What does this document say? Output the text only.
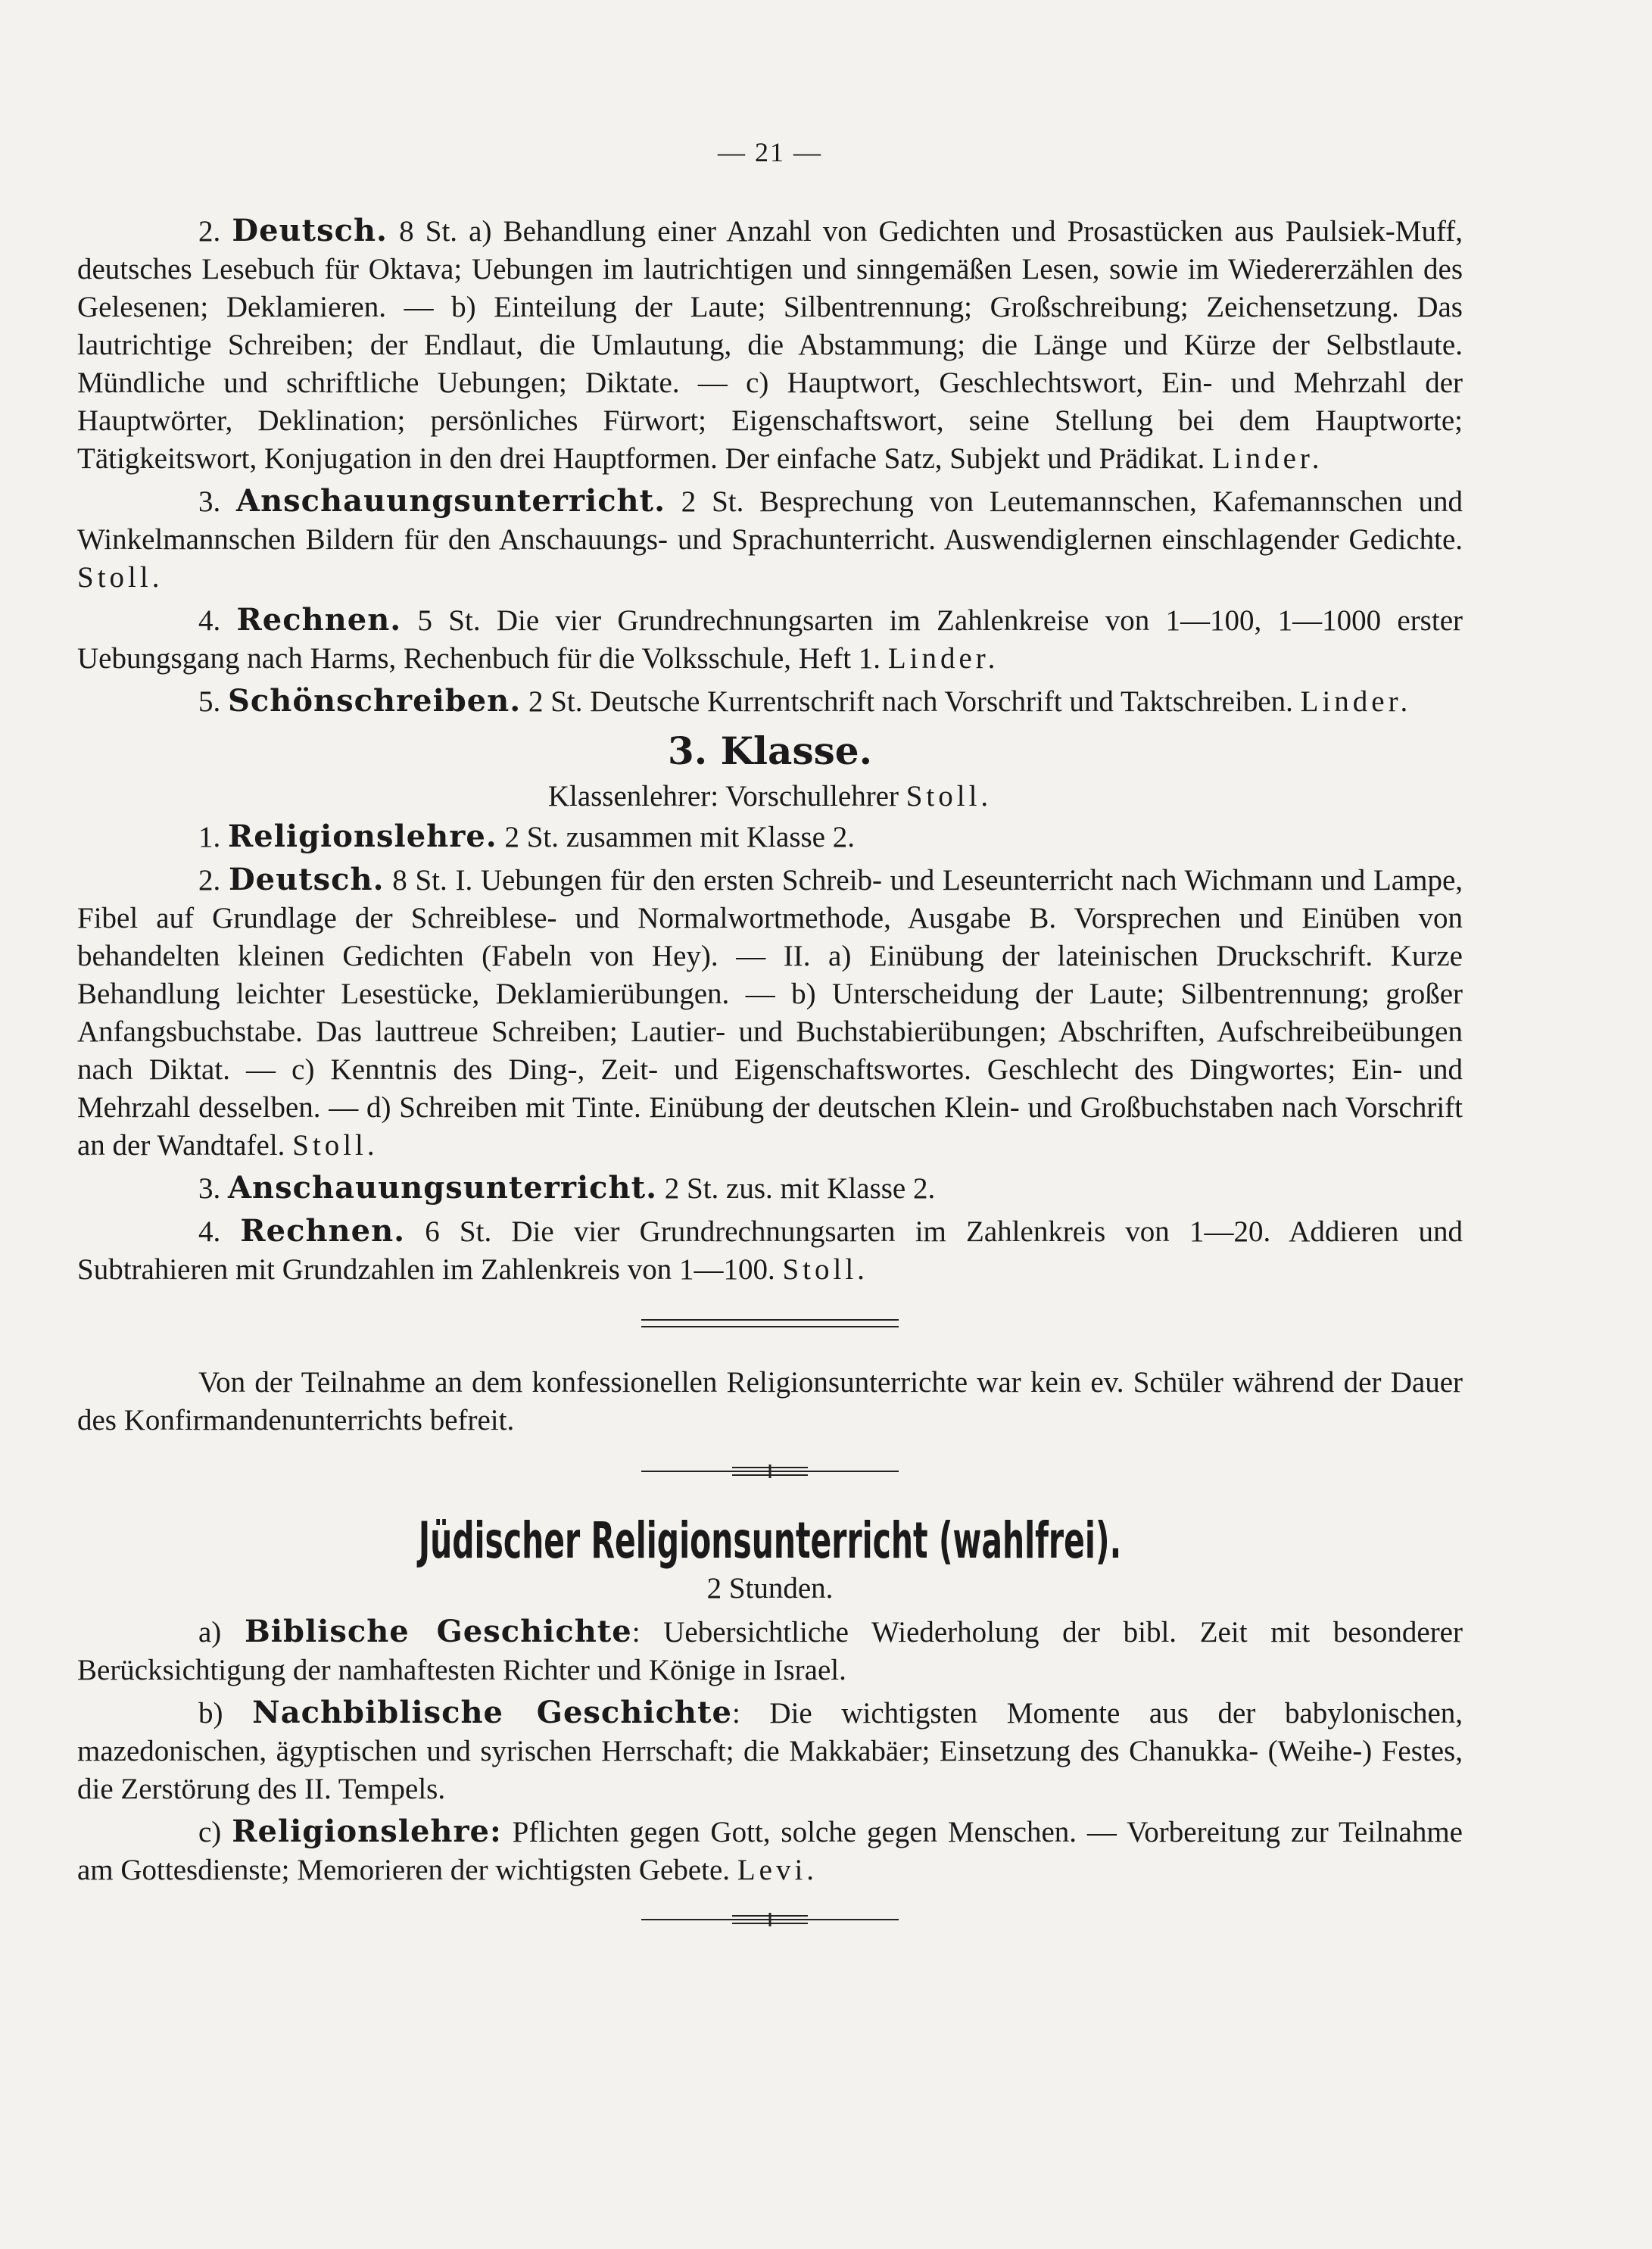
— 21 —

2. Deutsch. 8 St. a) Behandlung einer Anzahl von Gedichten und Prosastücken aus Paulsiek-Muff, deutsches Lesebuch für Oktava; Uebungen im lautrichtigen und sinngemäßen Lesen, sowie im Wiedererzählen des Gelesenen; Deklamieren. — b) Einteilung der Laute; Silbentrennung; Großschreibung; Zeichensetzung. Das lautrichtige Schreiben; der Endlaut, die Umlautung, die Abstammung; die Länge und Kürze der Selbstlaute. Mündliche und schriftliche Uebungen; Diktate. — c) Hauptwort, Geschlechtswort, Ein- und Mehrzahl der Hauptwörter, Deklination; persönliches Fürwort; Eigenschaftswort, seine Stellung bei dem Hauptworte; Tätigkeitswort, Konjugation in den drei Hauptformen. Der einfache Satz, Subjekt und Prädikat. Linder.

3. Anschauungsunterricht. 2 St. Besprechung von Leutemannschen, Kafemannschen und Winkelmannschen Bildern für den Anschauungs- und Sprachunterricht. Auswendiglernen einschlagender Gedichte. Stoll.

4. Rechnen. 5 St. Die vier Grundrechnungsarten im Zahlenkreise von 1—100, 1—1000 erster Uebungsgang nach Harms, Rechenbuch für die Volksschule, Heft 1. Linder.

5. Schönschreiben. 2 St. Deutsche Kurrentschrift nach Vorschrift und Taktschreiben. Linder.

3. Klasse.
Klassenlehrer: Vorschullehrer Stoll.

1. Religionslehre. 2 St. zusammen mit Klasse 2.

2. Deutsch. 8 St. I. Uebungen für den ersten Schreib- und Leseunterricht nach Wichmann und Lampe, Fibel auf Grundlage der Schreiblese- und Normalwortmethode, Ausgabe B. Vorsprechen und Einüben von behandelten kleinen Gedichten (Fabeln von Hey). — II. a) Einübung der lateinischen Druckschrift. Kurze Behandlung leichter Lesestücke, Deklamierübungen. — b) Unterscheidung der Laute; Silbentrennung; großer Anfangsbuchstabe. Das lauttreue Schreiben; Lautier- und Buchstabierübungen; Abschriften, Aufschreibeübungen nach Diktat. — c) Kenntnis des Ding-, Zeit- und Eigenschaftswortes. Geschlecht des Dingwortes; Ein- und Mehrzahl desselben. — d) Schreiben mit Tinte. Einübung der deutschen Klein- und Großbuchstaben nach Vorschrift an der Wandtafel. Stoll.

3. Anschauungsunterricht. 2 St. zus. mit Klasse 2.

4. Rechnen. 6 St. Die vier Grundrechnungsarten im Zahlenkreis von 1—20. Addieren und Subtrahieren mit Grundzahlen im Zahlenkreis von 1—100. Stoll.

Von der Teilnahme an dem konfessionellen Religionsunterrichte war kein ev. Schüler während der Dauer des Konfirmandenunterrichts befreit.

Jüdischer Religionsunterricht (wahlfrei).
2 Stunden.

a) Biblische Geschichte: Uebersichtliche Wiederholung der bibl. Zeit mit besonderer Berücksichtigung der namhaftesten Richter und Könige in Israel.

b) Nachbiblische Geschichte: Die wichtigsten Momente aus der babylonischen, mazedonischen, ägyptischen und syrischen Herrschaft; die Makkabäer; Einsetzung des Chanukka- (Weihe-) Festes, die Zerstörung des II. Tempels.

c) Religionslehre: Pflichten gegen Gott, solche gegen Menschen. — Vorbereitung zur Teilnahme am Gottesdienste; Memorieren der wichtigsten Gebete. Levi.
